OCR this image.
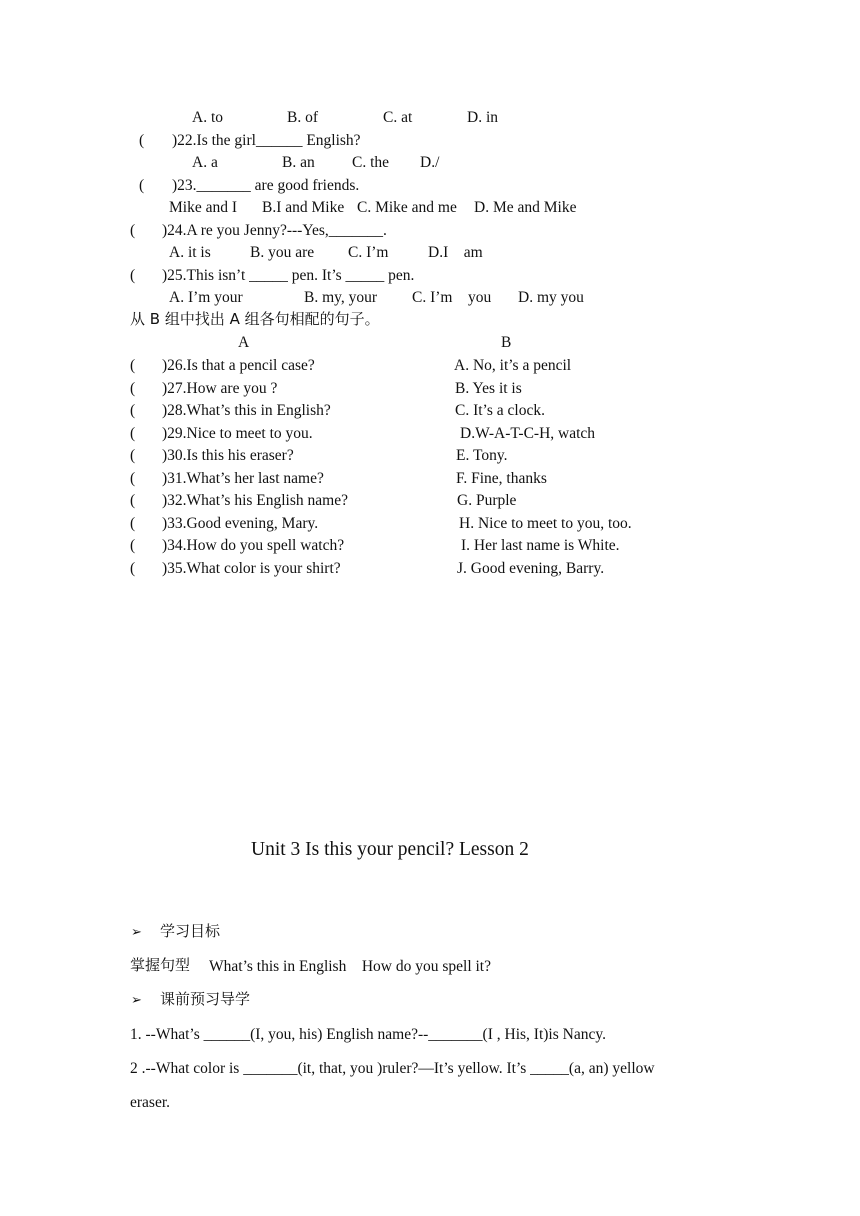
A. to	B. of	C. at	D. in
( )22.Is the girl______ English?
A. a	B. an C. the D./
( )23._______ are good friends.
Mike and I B.I and Mike C. Mike and me D. Me and Mike
( )24.A re you Jenny?---Yes,_______.
A. it is	B. you are C. I’m	D.I    am
( )25.This isn’t _____ pen. It’s _____ pen.
A. I’m your	B. my, your C. I’m    you D. my you
从 B 组中找出 A 组各句相配的句子。
A	B
( )26.Is that a pencil case?	A. No, it’s a pencil
( )27.How are you ?	B. Yes it is
( )28.What’s this in English?	C. It’s a clock.
( )29.Nice to meet to you.	D.W-A-T-C-H, watch
( )30.Is this his eraser?	E. Tony.
( )31.What’s her last name?	F. Fine, thanks
( )32.What’s his English name?	G. Purple
( )33.Good evening, Mary.	H. Nice to meet to you, too.
( )34.How do you spell watch?	I. Her last name is White.
( )35.What color is your shirt?	J. Good evening, Barry.
Unit 3 Is this your pencil? Lesson 2
➢ 学习目标
掌握句型 What’s this in English    How do you spell it?
➢ 课前预习导学
1. --What’s ______(I, you, his) English name?--_______(I , His, It)is Nancy.
2 .--What color is _______(it, that, you )ruler?—It’s yellow. It’s _____(a, an) yellow
eraser.
